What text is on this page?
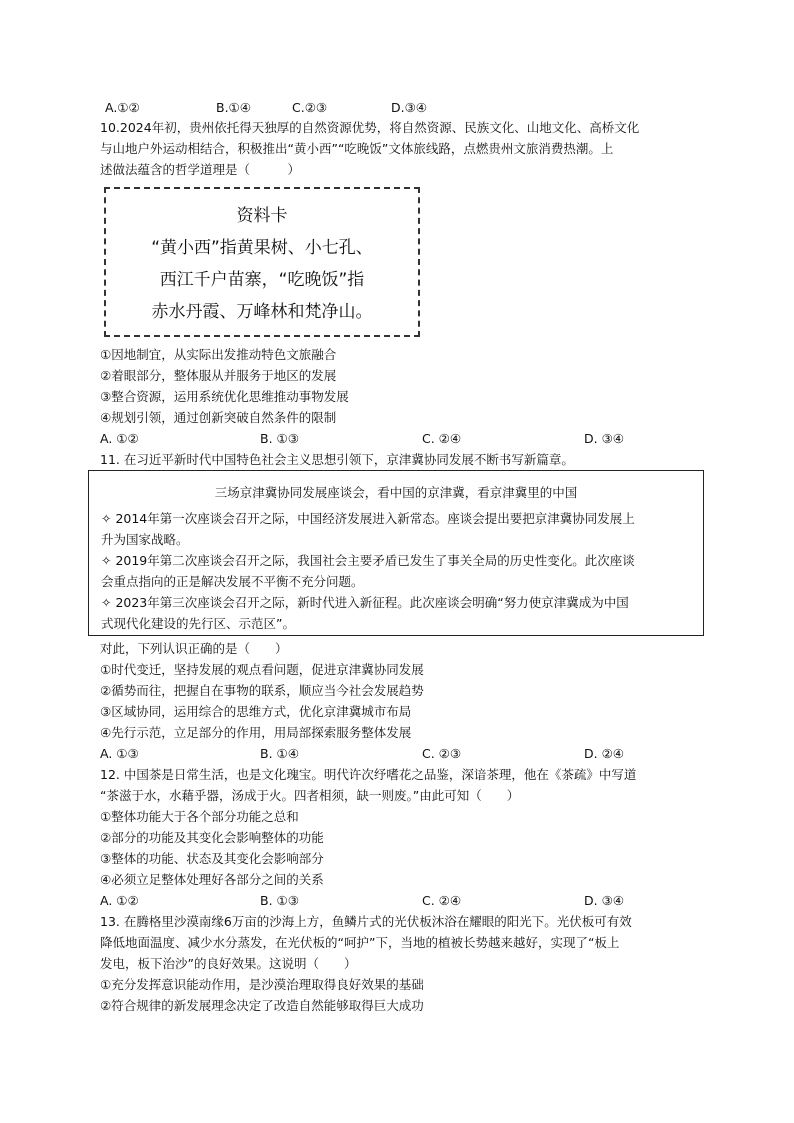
A.①②	B.①④	C.②③	D.③④
10.2024年初，贵州依托得天独厚的自然资源优势，将自然资源、民族文化、山地文化、高桥文化
与山地户外运动相结合，积极推出“黄小西”“吃晚饭”文体旅线路，点燃贵州文旅消费热潮。上
述做法蕴含的哲学道理是（　　　）
资料卡
“黄小西”指黄果树、小七孔、
西江千户苗寨，“吃晚饭”指
赤水丹霞、万峰林和梵净山。
①因地制宜，从实际出发推动特色文旅融合
②着眼部分，整体服从并服务于地区的发展
③整合资源，运用系统优化思维推动事物发展
④规划引领，通过创新突破自然条件的限制
A. ①②	B. ①③	C. ②④	D. ③④
11. 在习近平新时代中国特色社会主义思想引领下，京津冀协同发展不断书写新篇章。
三场京津冀协同发展座谈会，看中国的京津冀，看京津冀里的中国
✧ 2014年第一次座谈会召开之际，中国经济发展进入新常态。座谈会提出要把京津冀协同发展上
升为国家战略。
✧ 2019年第二次座谈会召开之际，我国社会主要矛盾已发生了事关全局的历史性变化。此次座谈
会重点指向的正是解决发展不平衡不充分问题。
✧ 2023年第三次座谈会召开之际，新时代进入新征程。此次座谈会明确“努力使京津冀成为中国
式现代化建设的先行区、示范区”。
对此，下列认识正确的是（　　）
①时代变迁，坚持发展的观点看问题，促进京津冀协同发展
②循势而往，把握自在事物的联系，顺应当今社会发展趋势
③区域协同，运用综合的思维方式，优化京津冀城市布局
④先行示范，立足部分的作用，用局部探索服务整体发展
A. ①③	B. ①④	C. ②③	D. ②④
12. 中国茶是日常生活，也是文化瑰宝。明代许次纾嗜花之品鉴，深谙茶理，他在《茶疏》中写道
“茶滋于水，水藉乎器，汤成于火。四者相须，缺一则废。”由此可知（　　）
①整体功能大于各个部分功能之总和
②部分的功能及其变化会影响整体的功能
③整体的功能、状态及其变化会影响部分
④必须立足整体处理好各部分之间的关系
A. ①②	B. ①③	C. ②④	D. ③④
13. 在腾格里沙漠南缘6万亩的沙海上方，鱼鳞片式的光伏板沐浴在耀眼的阳光下。光伏板可有效
降低地面温度、减少水分蒸发，在光伏板的“呵护”下，当地的植被长势越来越好，实现了“板上
发电，板下治沙”的良好效果。这说明（　　）
①充分发挥意识能动作用，是沙漠治理取得良好效果的基础
②符合规律的新发展理念决定了改造自然能够取得巨大成功
